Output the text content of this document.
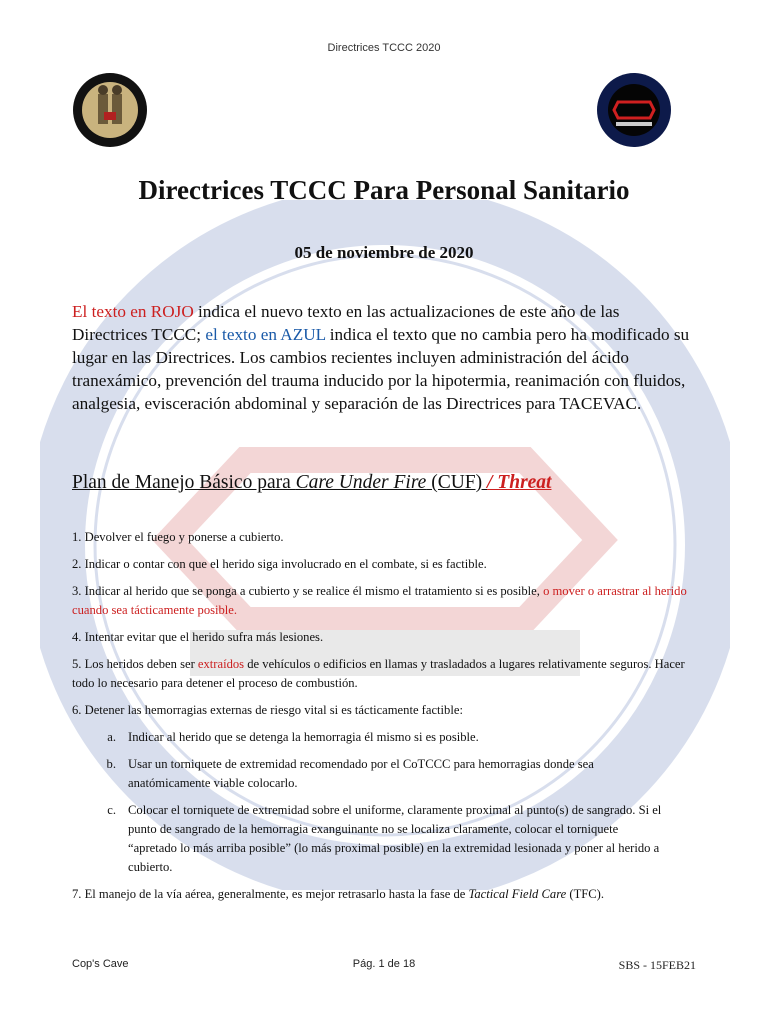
Directrices TCCC 2020
Directrices TCCC Para Personal Sanitario
05 de noviembre de 2020

El texto en ROJO indica el nuevo texto en las actualizaciones de este año de las Directrices TCCC; el texto en AZUL indica el texto que no cambia pero ha modificado su lugar en las Directrices. Los cambios recientes incluyen administración del ácido tranexámico, prevención del trauma inducido por la hipotermia, reanimación con fluidos, analgesia, evisceración abdominal y separación de las Directrices para TACEVAC.

Plan de Manejo Básico para Care Under Fire (CUF) / Threat

1. Devolver el fuego y ponerse a cubierto.

2. Indicar o contar con que el herido siga involucrado en el combate, si es factible.

3. Indicar al herido que se ponga a cubierto y se realice él mismo el tratamiento si es posible, o mover o arrastrar al herido cuando sea tácticamente posible.

4. Intentar evitar que el herido sufra más lesiones.

5. Los heridos deben ser extraídos de vehículos o edificios en llamas y trasladados a lugares relativamente seguros. Hacer todo lo necesario para detener el proceso de combustión.

6. Detener las hemorragias externas de riesgo vital si es tácticamente factible:

a. Indicar al herido que se detenga la hemorragia él mismo si es posible.
b. Usar un torniquete de extremidad recomendado por el CoTCCC para hemorragias donde sea anatómicamente viable colocarlo.
c. Colocar el torniquete de extremidad sobre el uniforme, claramente proximal al punto(s) de sangrado. Si el punto de sangrado de la hemorragia exanguinante no se localiza claramente, colocar el torniquete “apretado lo más arriba posible” (lo más proximal posible) en la extremidad lesionada y poner al herido a cubierto.

7. El manejo de la vía aérea, generalmente, es mejor retrasarlo hasta la fase de Tactical Field Care (TFC).

Cop's Cave	Pág. 1 de 18	SBS - 15FEB21
